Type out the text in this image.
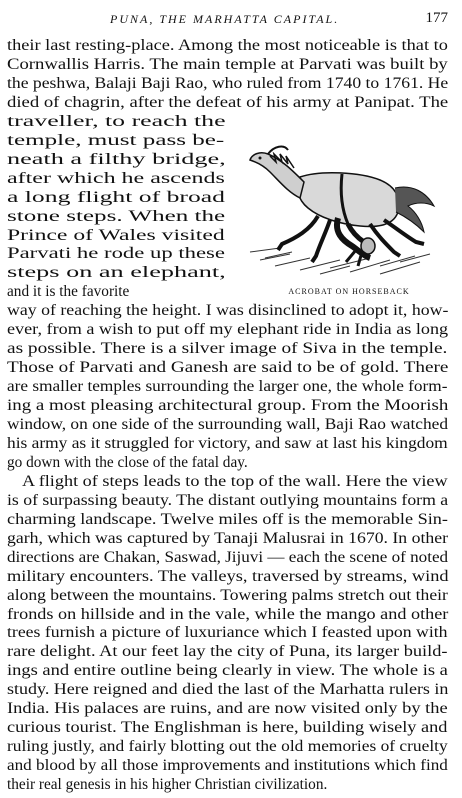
PUNA, THE MARHATTA CAPITAL.	177
their last resting-place. Among the most noticeable is that to
Cornwallis Harris. The main temple at Parvati was built by
the peshwa, Balaji Baji Rao, who ruled from 1740 to 1761. He
died of chagrin, after the defeat of his army at Panipat. The
traveller, to reach the
temple, must pass be-
neath a filthy bridge,
after which he ascends
a long flight of broad
stone steps. When the
Prince of Wales visited
Parvati he rode up these
steps on an elephant,
and it is the favorite
way of reaching the height. I was disinclined to adopt it, how-
ever, from a wish to put off my elephant ride in India as long
as possible. There is a silver image of Siva in the temple.
Those of Parvati and Ganesh are said to be of gold. There
are smaller temples surrounding the larger one, the whole form-
ing a most pleasing architectural group. From the Moorish
window, on one side of the surrounding wall, Baji Rao watched
his army as it struggled for victory, and saw at last his kingdom
go down with the close of the fatal day.
A flight of steps leads to the top of the wall. Here the view
is of surpassing beauty. The distant outlying mountains form a
charming landscape. Twelve miles off is the memorable Sin-
garh, which was captured by Tanaji Malusrai in 1670. In other
directions are Chakan, Saswad, Jijuvi — each the scene of noted
military encounters. The valleys, traversed by streams, wind
along between the mountains. Towering palms stretch out their
fronds on hillside and in the vale, while the mango and other
trees furnish a picture of luxuriance which I feasted upon with
rare delight. At our feet lay the city of Puna, its larger build-
ings and entire outline being clearly in view. The whole is a
study. Here reigned and died the last of the Marhatta rulers in
India. His palaces are ruins, and are now visited only by the
curious tourist. The Englishman is here, building wisely and
ruling justly, and fairly blotting out the old memories of cruelty
and blood by all those improvements and institutions which find
their real genesis in his higher Christian civilization.
ACROBAT ON HORSEBACK
